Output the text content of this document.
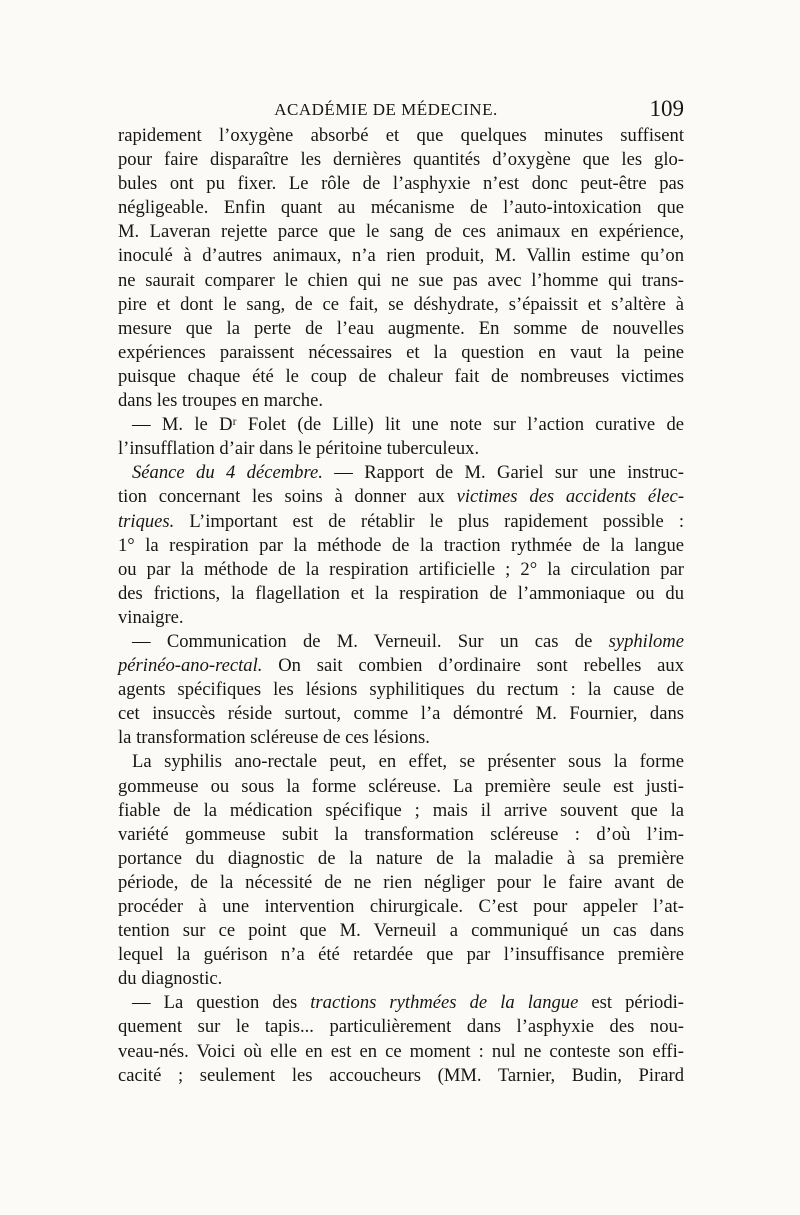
ACADÉMIE DE MÉDECINE.	109
rapidement l’oxygène absorbé et que quelques minutes suffisent
pour faire disparaître les dernières quantités d’oxygène que les glo-
bules ont pu fixer. Le rôle de l’asphyxie n’est donc peut-être pas
négligeable. Enfin quant au mécanisme de l’auto-intoxication que
M. Laveran rejette parce que le sang de ces animaux en expérience,
inoculé à d’autres animaux, n’a rien produit, M. Vallin estime qu’on
ne saurait comparer le chien qui ne sue pas avec l’homme qui trans-
pire et dont le sang, de ce fait, se déshydrate, s’épaissit et s’altère à
mesure que la perte de l’eau augmente. En somme de nouvelles
expériences paraissent nécessaires et la question en vaut la peine
puisque chaque été le coup de chaleur fait de nombreuses victimes
dans les troupes en marche.
— M. le Dʳ Folet (de Lille) lit une note sur l’action curative de
l’insufflation d’air dans le péritoine tuberculeux.
Séance du 4 décembre. — Rapport de M. Gariel sur une instruc-
tion concernant les soins à donner aux victimes des accidents élec-
triques. L’important est de rétablir le plus rapidement possible :
1° la respiration par la méthode de la traction rythmée de la langue
ou par la méthode de la respiration artificielle ; 2° la circulation par
des frictions, la flagellation et la respiration de l’ammoniaque ou du
vinaigre.
— Communication de M. Verneuil. Sur un cas de syphilome
périnéo-ano-rectal. On sait combien d’ordinaire sont rebelles aux
agents spécifiques les lésions syphilitiques du rectum : la cause de
cet insuccès réside surtout, comme l’a démontré M. Fournier, dans
la transformation scléreuse de ces lésions.
La syphilis ano-rectale peut, en effet, se présenter sous la forme
gommeuse ou sous la forme scléreuse. La première seule est justi-
fiable de la médication spécifique ; mais il arrive souvent que la
variété gommeuse subit la transformation scléreuse : d’où l’im-
portance du diagnostic de la nature de la maladie à sa première
période, de la nécessité de ne rien négliger pour le faire avant de
procéder à une intervention chirurgicale. C’est pour appeler l’at-
tention sur ce point que M. Verneuil a communiqué un cas dans
lequel la guérison n’a été retardée que par l’insuffisance première
du diagnostic.
— La question des tractions rythmées de la langue est périodi-
quement sur le tapis... particulièrement dans l’asphyxie des nou-
veau-nés. Voici où elle en est en ce moment : nul ne conteste son effi-
cacité ; seulement les accoucheurs (MM. Tarnier, Budin, Pirard
